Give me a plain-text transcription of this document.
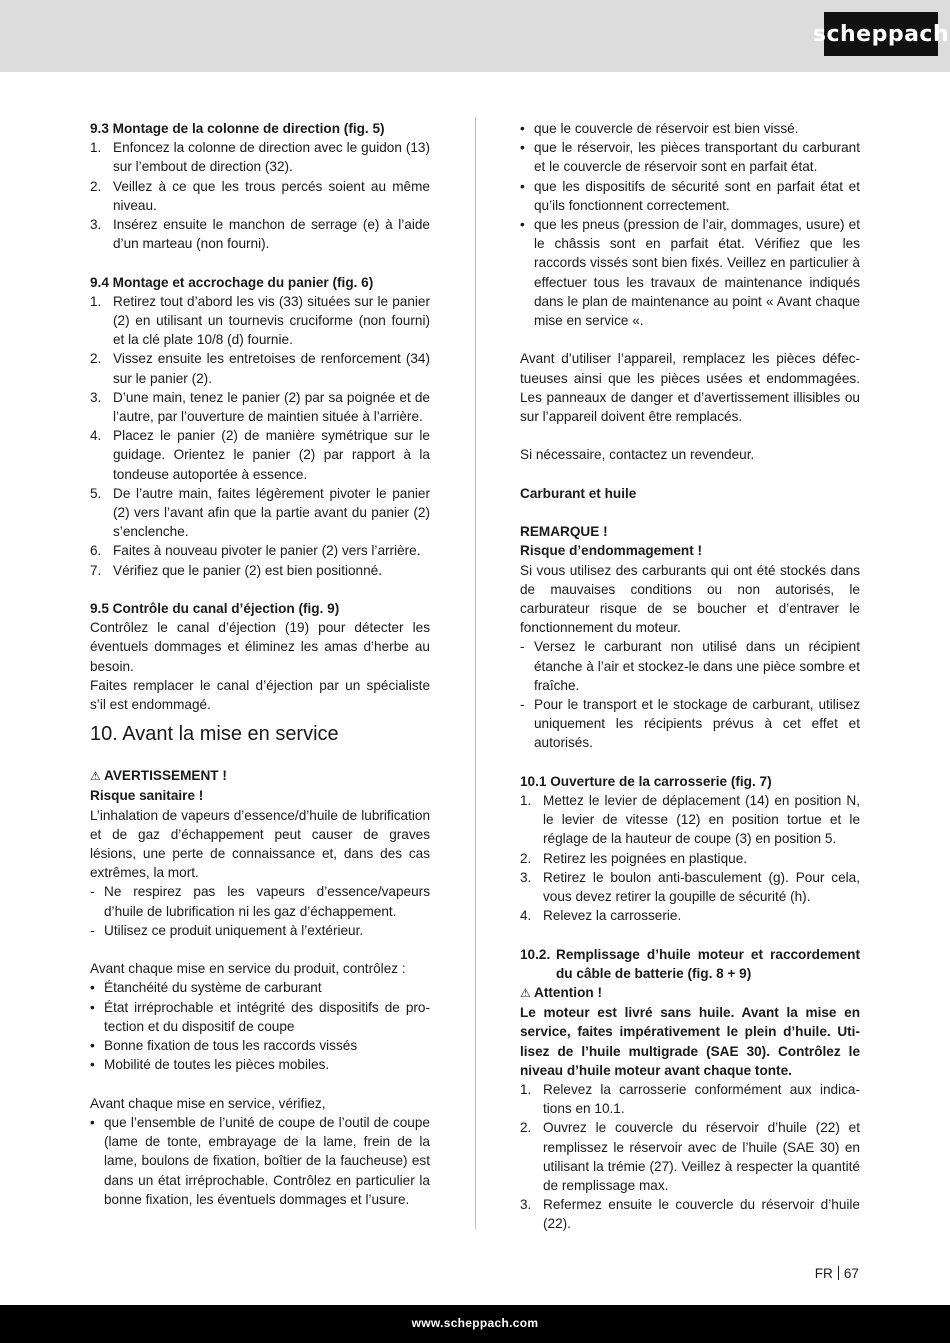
scheppach

9.3 Montage de la colonne de direction (fig. 5)

1. Enfoncez la colonne de direction avec le guidon (13) sur l’embout de direction (32).
2. Veillez à ce que les trous percés soient au même niveau.
3. Insérez ensuite le manchon de serrage (e) à l’aide d’un marteau (non fourni).

9.4 Montage et accrochage du panier (fig. 6)

1. Retirez tout d’abord les vis (33) situées sur le panier (2) en utilisant un tournevis cruciforme (non fourni) et la clé plate 10/8 (d) fournie.
2. Vissez ensuite les entretoises de renforcement (34) sur le panier (2).
3. D’une main, tenez le panier (2) par sa poignée et de l’autre, par l’ouverture de maintien située à l’arrière.
4. Placez le panier (2) de manière symétrique sur le guidage. Orientez le panier (2) par rapport à la tondeuse autoportée à essence.
5. De l’autre main, faites légèrement pivoter le panier (2) vers l’avant afin que la partie avant du panier (2) s’enclenche.
6. Faites à nouveau pivoter le panier (2) vers l’arrière.
7. Vérifiez que le panier (2) est bien positionné.

9.5 Contrôle du canal d’éjection (fig. 9)

Contrôlez le canal d’éjection (19) pour détecter les éventuels dommages et éliminez les amas d’herbe au besoin.

Faites remplacer le canal d’éjection par un spécialiste s’il est endommagé.

10. Avant la mise en service

⚠ AVERTISSEMENT !

Risque sanitaire !

L’inhalation de vapeurs d’essence/d’huile de lubrification et de gaz d’échappement peut causer de graves lésions, une perte de connaissance et, dans des cas extrêmes, la mort.

- Ne respirez pas les vapeurs d’essence/vapeurs d’huile de lubrification ni les gaz d’échappement.
- Utilisez ce produit uniquement à l’extérieur.

Avant chaque mise en service du produit, contrôlez :

• Étanchéité du système de carburant
• État irréprochable et intégrité des dispositifs de protection et du dispositif de coupe
• Bonne fixation de tous les raccords vissés
• Mobilité de toutes les pièces mobiles.

Avant chaque mise en service, vérifiez,

• que l’ensemble de l’unité de coupe de l’outil de coupe (lame de tonte, embrayage de la lame, frein de la lame, boulons de fixation, boîtier de la faucheuse) est dans un état irréprochable. Contrôlez en particulier la bonne fixation, les éventuels dommages et l’usure.
• que le couvercle de réservoir est bien vissé.
• que le réservoir, les pièces transportant du carburant et le couvercle de réservoir sont en parfait état.
• que les dispositifs de sécurité sont en parfait état et qu’ils fonctionnent correctement.
• que les pneus (pression de l’air, dommages, usure) et le châssis sont en parfait état. Vérifiez que les raccords vissés sont bien fixés. Veillez en particulier à effectuer tous les travaux de maintenance indiqués dans le plan de maintenance au point « Avant chaque mise en service «.

Avant d’utiliser l’appareil, remplacez les pièces défectueuses ainsi que les pièces usées et endommagées. Les panneaux de danger et d’avertissement illisibles ou sur l’appareil doivent être remplacés.

Si nécessaire, contactez un revendeur.

Carburant et huile

REMARQUE !

Risque d’endommagement !

Si vous utilisez des carburants qui ont été stockés dans de mauvaises conditions ou non autorisés, le carburateur risque de se boucher et d’entraver le fonctionnement du moteur.

- Versez le carburant non utilisé dans un récipient étanche à l’air et stockez-le dans une pièce sombre et fraîche.
- Pour le transport et le stockage de carburant, utilisez uniquement les récipients prévus à cet effet et autorisés.

10.1 Ouverture de la carrosserie (fig. 7)

1. Mettez le levier de déplacement (14) en position N, le levier de vitesse (12) en position tortue et le réglage de la hauteur de coupe (3) en position 5.
2. Retirez les poignées en plastique.
3. Retirez le boulon anti-basculement (g). Pour cela, vous devez retirer la goupille de sécurité (h).
4. Relevez la carrosserie.

10.2. Remplissage d’huile moteur et raccordement du câble de batterie (fig. 8 + 9)

⚠ Attention !

Le moteur est livré sans huile. Avant la mise en service, faites impérativement le plein d’huile. Utilisez de l’huile multigrade (SAE 30). Contrôlez le niveau d’huile moteur avant chaque tonte.

1. Relevez la carrosserie conformément aux indications en 10.1.
2. Ouvrez le couvercle du réservoir d’huile (22) et remplissez le réservoir avec de l’huile (SAE 30) en utilisant la trémie (27). Veillez à respecter la quantité de remplissage max.
3. Refermez ensuite le couvercle du réservoir d’huile (22).
FR 67
www.scheppach.com
